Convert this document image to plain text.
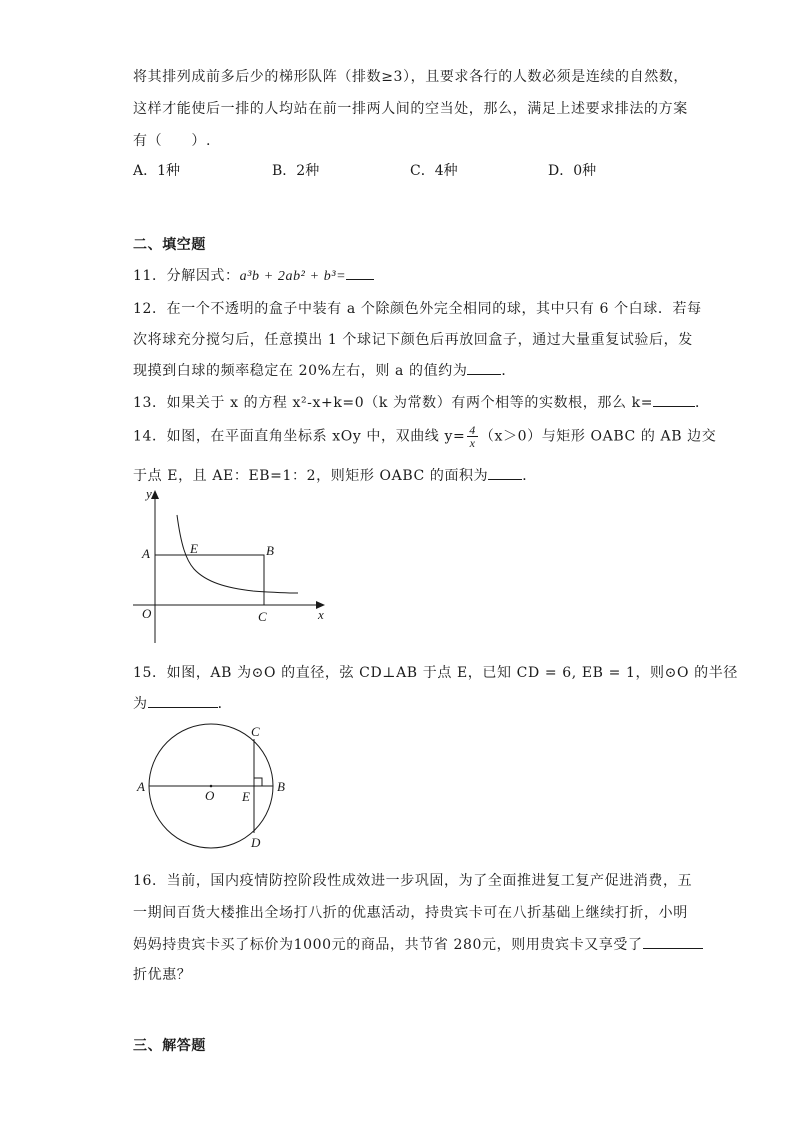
将其排列成前多后少的梯形队阵（排数≥3），且要求各行的人数必须是连续的自然数，
这样才能使后一排的人均站在前一排两人间的空当处，那么，满足上述要求排法的方案
有（　　）.
A．1种	B．2种	C．4种	D．0种
二、填空题
11．分解因式：a³b + 2ab² + b³=
12．在一个不透明的盒子中装有 a 个除颜色外完全相同的球，其中只有 6 个白球．若每
次将球充分搅匀后，任意摸出 1 个球记下颜色后再放回盒子，通过大量重复试验后，发
现摸到白球的频率稳定在 20%左右，则 a 的值约为 ．
13．如果关于 x 的方程 x²-x+k=0（k 为常数）有两个相等的实数根，那么 k=	．
14．如图，在平面直角坐标系 xOy 中，双曲线 $y= \frac{4}{x} (x>0)$与矩形 OABC 的 AB 边交
于点 E，且 AE：EB=1：2，则矩形 OABC 的面积为 ．
y
x
A	E	B
O	C
15．如图，AB 为⊙O 的直径，弦 CD⊥AB 于点 E，已知 CD = 6, EB = 1，则⊙O 的半径
为	．
A
O E
B
C
D
16．当前，国内疫情防控阶段性成效进一步巩固，为了全面推进复工复产促进消费，五
一期间百货大楼推出全场打八折的优惠活动，持贵宾卡可在八折基础上继续打折，小明
妈妈持贵宾卡买了标价为1000元的商品，共节省 280元，则用贵宾卡又享受了
折优惠？
三、解答题
